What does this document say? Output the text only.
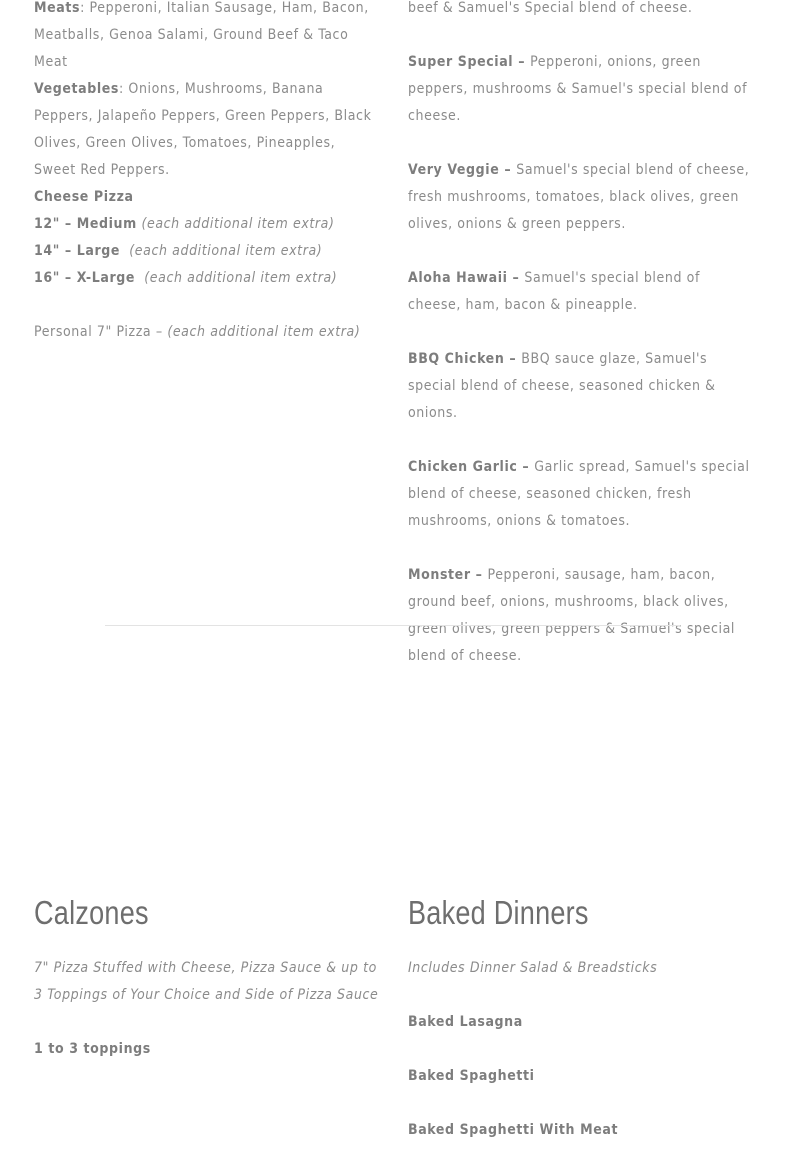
Meats: Pepperoni, Italian Sausage, Ham, Bacon, Meatballs, Genoa Salami, Ground Beef & Taco Meat

Vegetables: Onions, Mushrooms, Banana Peppers, Jalapeño Peppers, Green Peppers, Black Olives, Green Olives, Tomatoes, Pineapples, Sweet Red Peppers.

Cheese Pizza

12" – Medium (each additional item extra)

14" – Large (each additional item extra)

16" – X-Large (each additional item extra)

Personal 7" Pizza – (each additional item extra)

beef & Samuel's Special blend of cheese.

Super Special – Pepperoni, onions, green peppers, mushrooms & Samuel's special blend of cheese.

Very Veggie – Samuel's special blend of cheese, fresh mushrooms, tomatoes, black olives, green olives, onions & green peppers.

Aloha Hawaii – Samuel's special blend of cheese, ham, bacon & pineapple.

BBQ Chicken – BBQ sauce glaze, Samuel's special blend of cheese, seasoned chicken & onions.

Chicken Garlic – Garlic spread, Samuel's special blend of cheese, seasoned chicken, fresh mushrooms, onions & tomatoes.

Monster – Pepperoni, sausage, ham, bacon, ground beef, onions, mushrooms, black olives, green olives, green peppers & Samuel's special blend of cheese.

Calzones

7" Pizza Stuffed with Cheese, Pizza Sauce & up to 3 Toppings of Your Choice and Side of Pizza Sauce

1 to 3 toppings

Baked Dinners

Includes Dinner Salad & Breadsticks

Baked Lasagna

Baked Spaghetti

Baked Spaghetti With Meat
